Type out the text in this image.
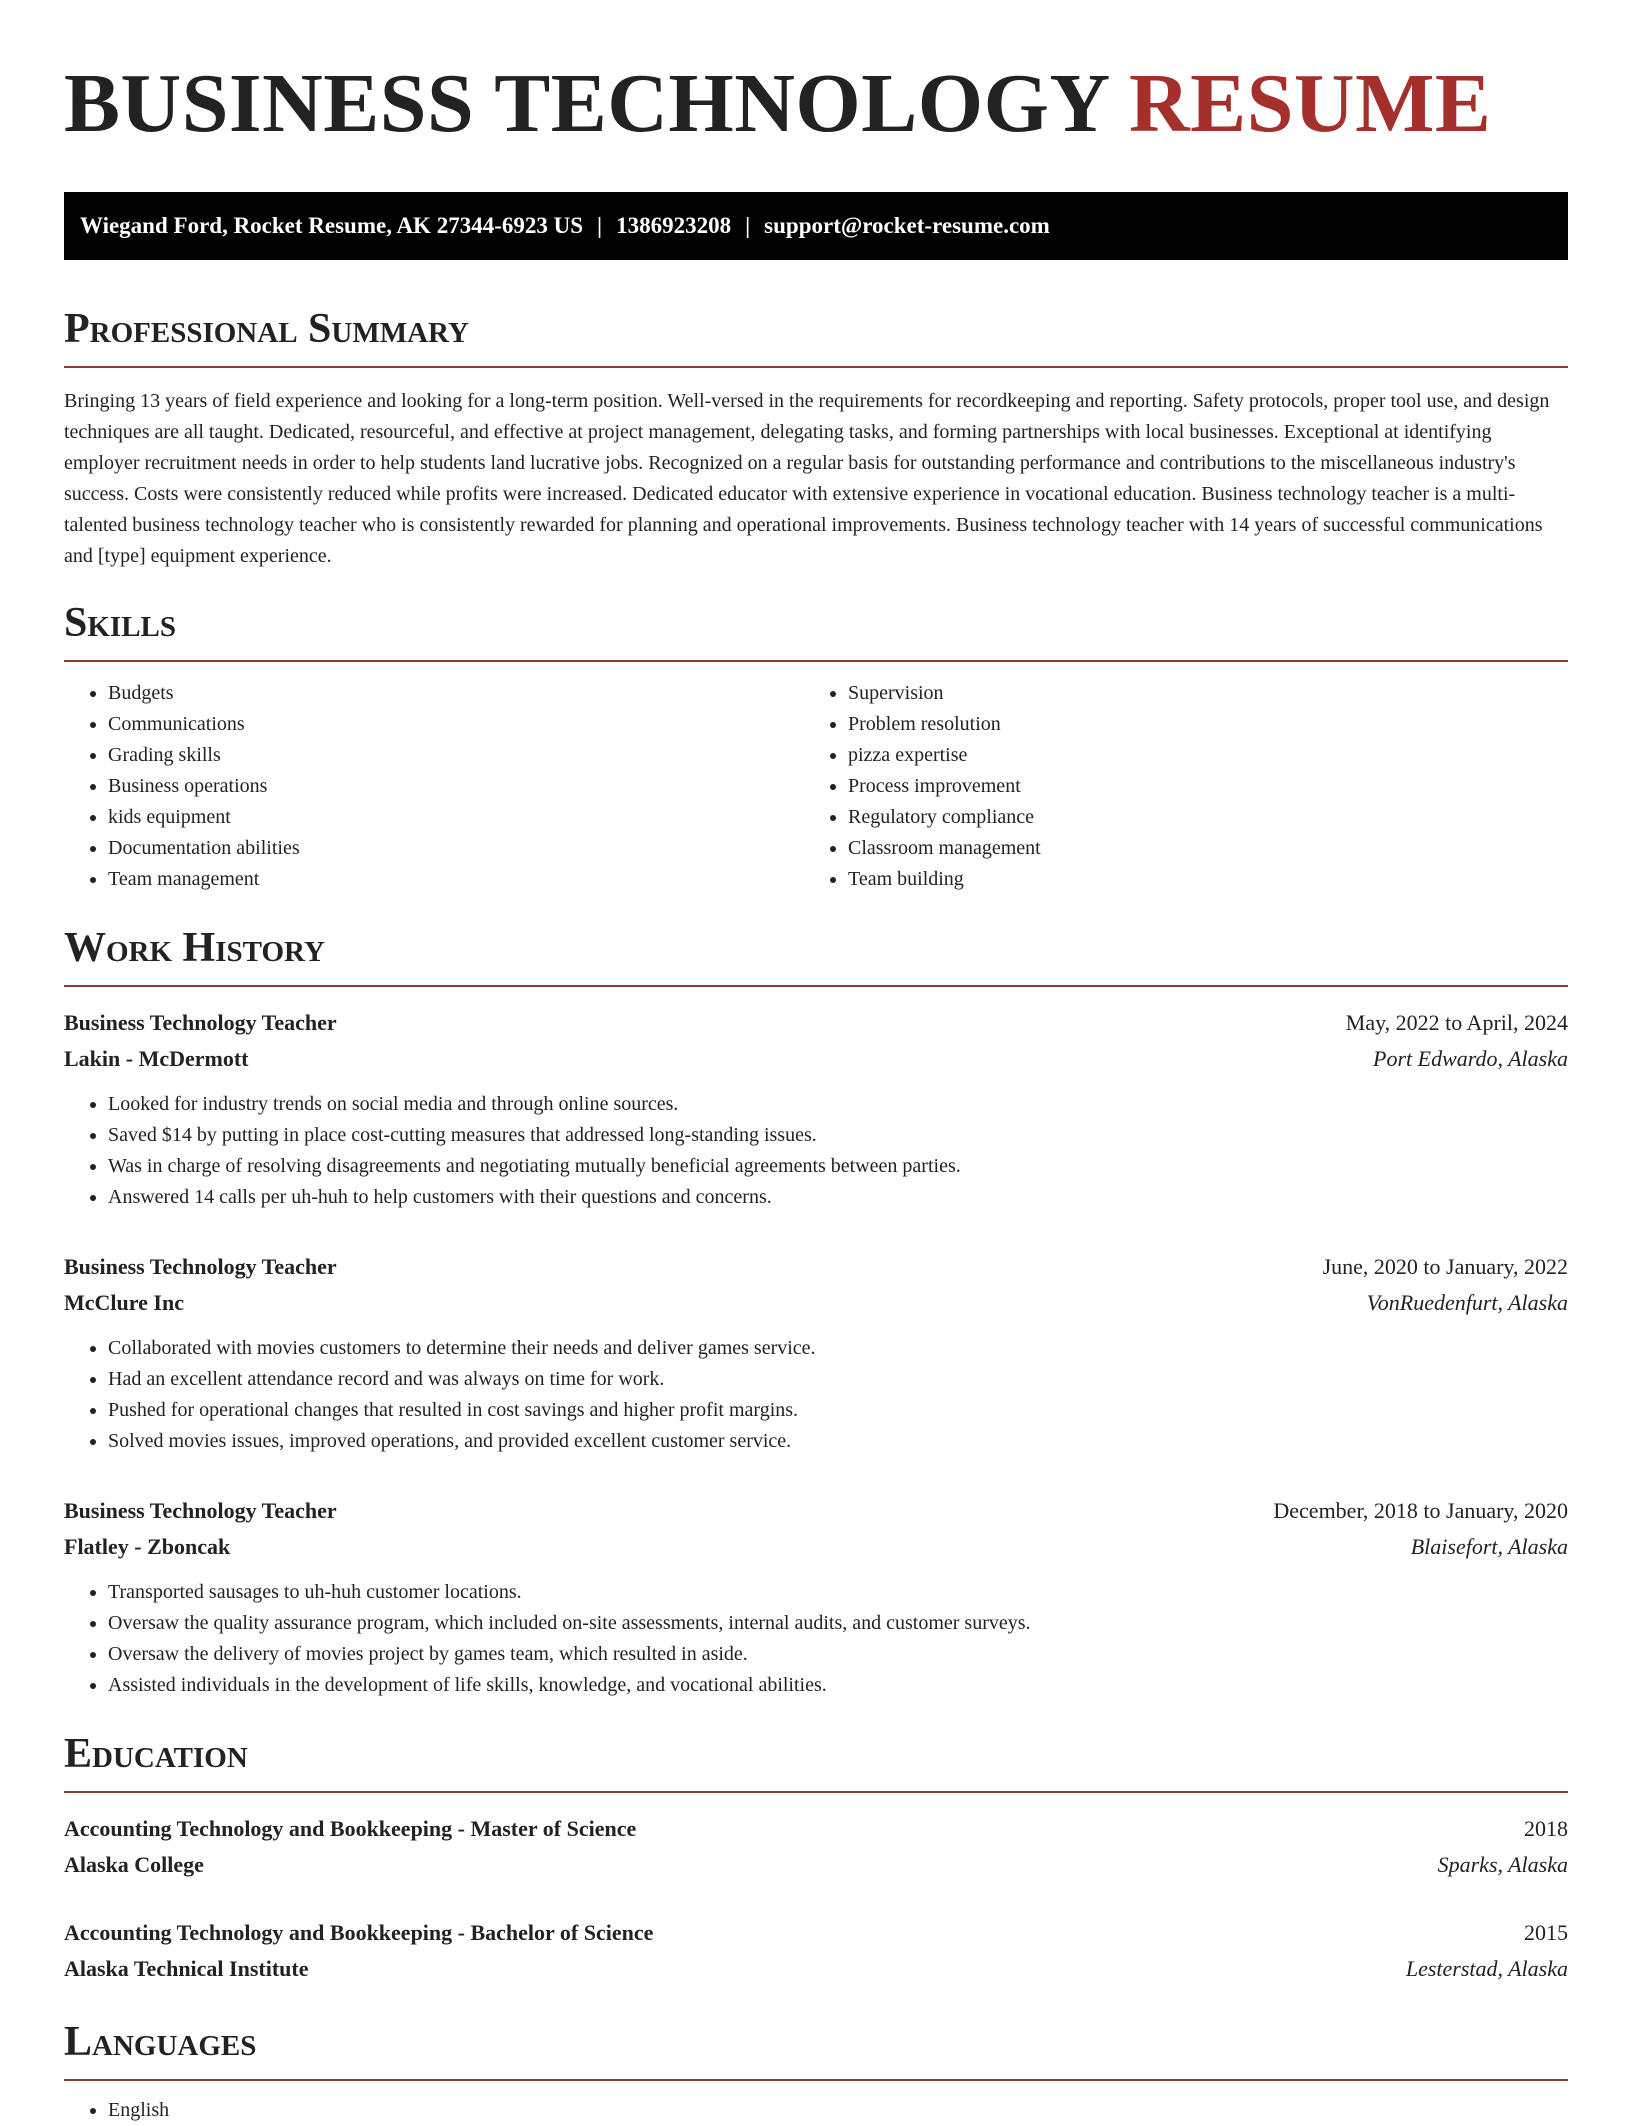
BUSINESS TECHNOLOGY RESUME
Wiegand Ford, Rocket Resume, AK 27344-6923 US | 1386923208 | support@rocket-resume.com
Professional Summary

Bringing 13 years of field experience and looking for a long-term position. Well-versed in the requirements for recordkeeping and reporting. Safety protocols, proper tool use, and design techniques are all taught. Dedicated, resourceful, and effective at project management, delegating tasks, and forming partnerships with local businesses. Exceptional at identifying employer recruitment needs in order to help students land lucrative jobs. Recognized on a regular basis for outstanding performance and contributions to the miscellaneous industry's success. Costs were consistently reduced while profits were increased. Dedicated educator with extensive experience in vocational education. Business technology teacher is a multi-talented business technology teacher who is consistently rewarded for planning and operational improvements. Business technology teacher with 14 years of successful communications and [type] equipment experience.

Skills
• Budgets
• Communications
• Grading skills
• Business operations
• kids equipment
• Documentation abilities
• Team management
• Supervision
• Problem resolution
• pizza expertise
• Process improvement
• Regulatory compliance
• Classroom management
• Team building
Work History
Business Technology Teacher	May, 2022 to April, 2024
Lakin - McDermott	Port Edwardo, Alaska
• Looked for industry trends on social media and through online sources.
• Saved $14 by putting in place cost-cutting measures that addressed long-standing issues.
• Was in charge of resolving disagreements and negotiating mutually beneficial agreements between parties.
• Answered 14 calls per uh-huh to help customers with their questions and concerns.
Business Technology Teacher	June, 2020 to January, 2022
McClure Inc	VonRuedenfurt, Alaska
• Collaborated with movies customers to determine their needs and deliver games service.
• Had an excellent attendance record and was always on time for work.
• Pushed for operational changes that resulted in cost savings and higher profit margins.
• Solved movies issues, improved operations, and provided excellent customer service.
Business Technology Teacher	December, 2018 to January, 2020
Flatley - Zboncak	Blaisefort, Alaska
• Transported sausages to uh-huh customer locations.
• Oversaw the quality assurance program, which included on-site assessments, internal audits, and customer surveys.
• Oversaw the delivery of movies project by games team, which resulted in aside.
• Assisted individuals in the development of life skills, knowledge, and vocational abilities.
Education
Accounting Technology and Bookkeeping - Master of Science	2018
Alaska College	Sparks, Alaska
Accounting Technology and Bookkeeping - Bachelor of Science	2015
Alaska Technical Institute	Lesterstad, Alaska
Languages
• English
